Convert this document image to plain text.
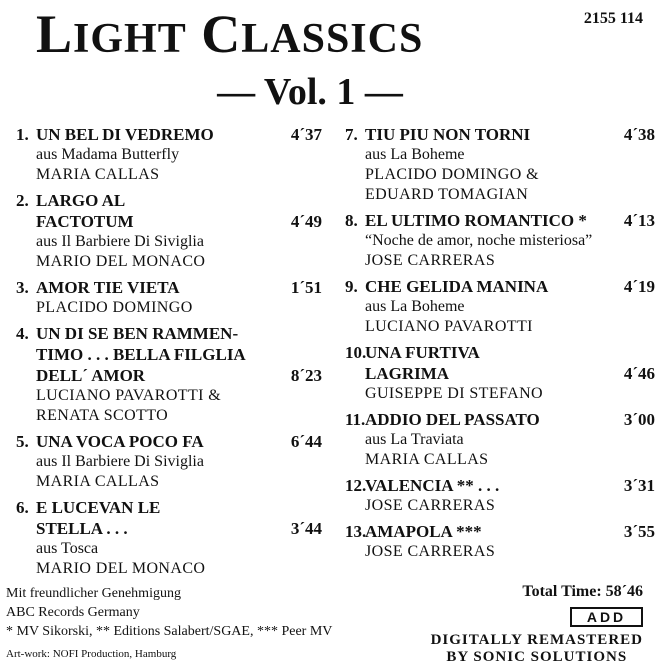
LIGHT CLASSICS	2155 114
— Vol. 1 —
1. UN BEL DI VEDREMO	4´37
aus Madama Butterfly
MARIA CALLAS
2. LARGO AL
FACTOTUM	4´49
aus Il Barbiere Di Siviglia
MARIO DEL MONACO
3. AMOR TIE VIETA	1´51
PLACIDO DOMINGO
4. UN DI SE BEN RAMMEN-
TIMO . . . BELLA FILGLIA
DELL´ AMOR	8´23
LUCIANO PAVAROTTI &
RENATA SCOTTO
5. UNA VOCA POCO FA	6´44
aus Il Barbiere Di Siviglia
MARIA CALLAS
6. E LUCEVAN LE
STELLA . . .	3´44
aus Tosca
MARIO DEL MONACO
7. TIU PIU NON TORNI	4´38
aus La Boheme
PLACIDO DOMINGO &
EDUARD TOMAGIAN
8. EL ULTIMO ROMANTICO *	4´13
“Noche de amor, noche misteriosa”
JOSE CARRERAS
9. CHE GELIDA MANINA	4´19
aus La Boheme
LUCIANO PAVAROTTI
10.
UNA FURTIVA
LAGRIMA	4´46
GUISEPPE DI STEFANO
11. ADDIO DEL PASSATO	3´00
aus La Traviata
MARIA CALLAS
12.
VALENCIA ** . . .	3´31
JOSE CARRERAS
13.
AMAPOLA ***	3´55
JOSE CARRERAS
Mit freundlicher Genehmigung
ABC Records Germany
* MV Sikorski, ** Editions Salabert/SGAE, *** Peer MV
Art-work: NOFI Production, Hamburg
Total Time: 58´46
ADD
DIGITALLY REMASTERED
BY SONIC SOLUTIONS
